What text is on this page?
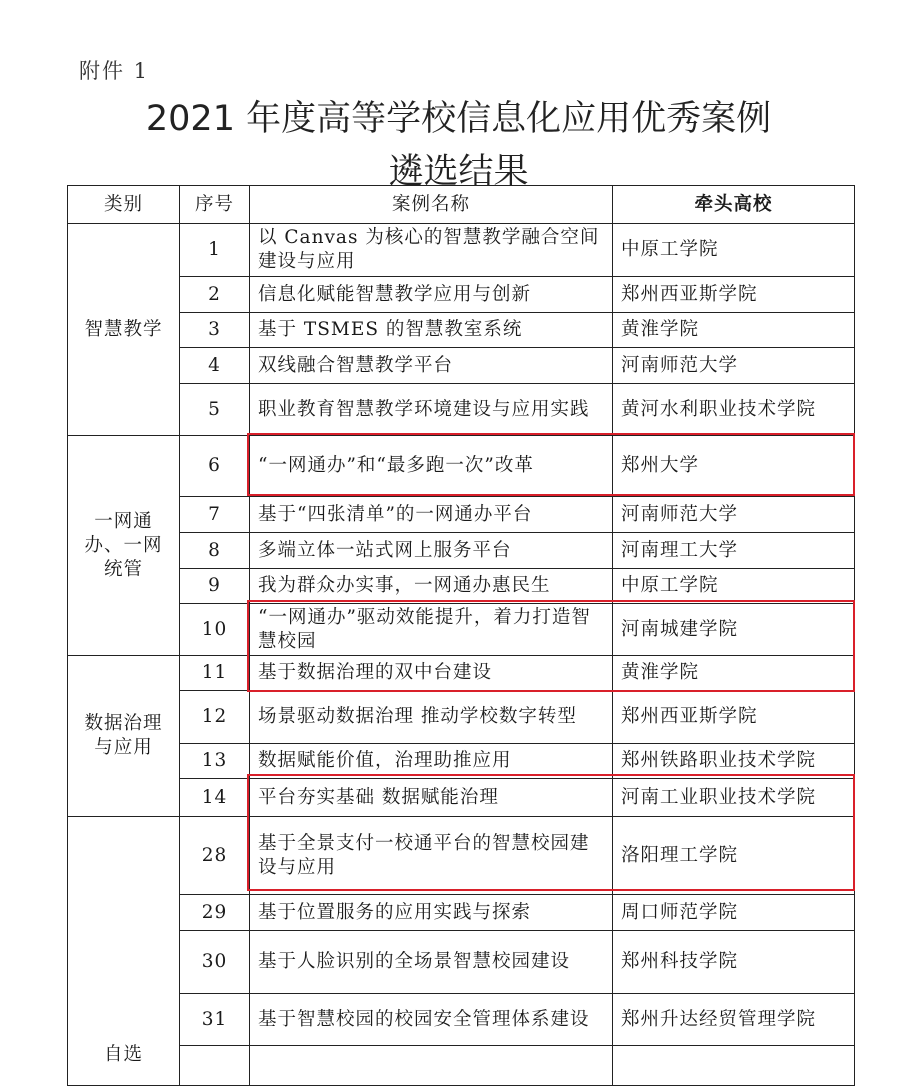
附件 1
2021 年度高等学校信息化应用优秀案例
遴选结果
类别	序号	案例名称	牵头高校
智慧教学	1	以 Canvas 为核心的智慧教学融合空间建设与应用	中原工学院
	2	信息化赋能智慧教学应用与创新	郑州西亚斯学院
	3	基于 TSMES 的智慧教室系统	黄淮学院
	4	双线融合智慧教学平台	河南师范大学
	5	职业教育智慧教学环境建设与应用实践	黄河水利职业技术学院
一网通办、一网统管	6	“一网通办”和“最多跑一次”改革	郑州大学
	7	基于“四张清单”的一网通办平台	河南师范大学
	8	多端立体一站式网上服务平台	河南理工大学
	9	我为群众办实事，一网通办惠民生	中原工学院
	10	“一网通办”驱动效能提升，着力打造智慧校园	河南城建学院
数据治理与应用	11	基于数据治理的双中台建设	黄淮学院
	12	场景驱动数据治理 推动学校数字转型	郑州西亚斯学院
	13	数据赋能价值，治理助推应用	郑州铁路职业技术学院
	14	平台夯实基础 数据赋能治理	河南工业职业技术学院
自选	28	基于全景支付一校通平台的智慧校园建设与应用	洛阳理工学院
	29	基于位置服务的应用实践与探索	周口师范学院
	30	基于人脸识别的全场景智慧校园建设	郑州科技学院
	31	基于智慧校园的校园安全管理体系建设	郑州升达经贸管理学院
